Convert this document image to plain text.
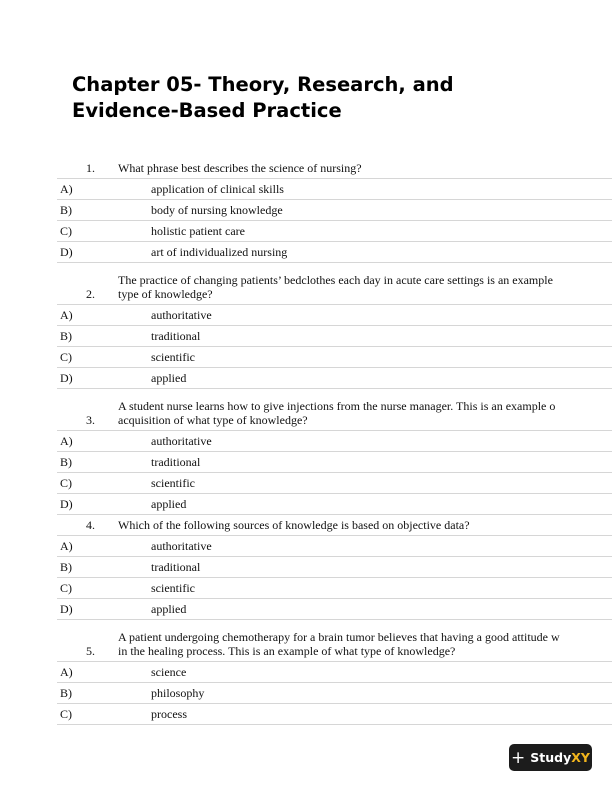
Chapter 05- Theory, Research, and Evidence-Based Practice
1. What phrase best describes the science of nursing?
A)	application of clinical skills
B)	body of nursing knowledge
C)	holistic patient care
D)	art of individualized nursing
2.
The practice of changing patients’ bedclothes each day in acute care settings is an example
type of knowledge?
A)	authoritative
B)	traditional
C)	scientific
D)	applied
3.
A student nurse learns how to give injections from the nurse manager. This is an example o
acquisition of what type of knowledge?
A)	authoritative
B)	traditional
C)	scientific
D)	applied
4. Which of the following sources of knowledge is based on objective data?
A)	authoritative
B)	traditional
C)	scientific
D)	applied
5.
A patient undergoing chemotherapy for a brain tumor believes that having a good attitude w
in the healing process. This is an example of what type of knowledge?
A)	science
B)	philosophy
C)	process
+ Study XY
